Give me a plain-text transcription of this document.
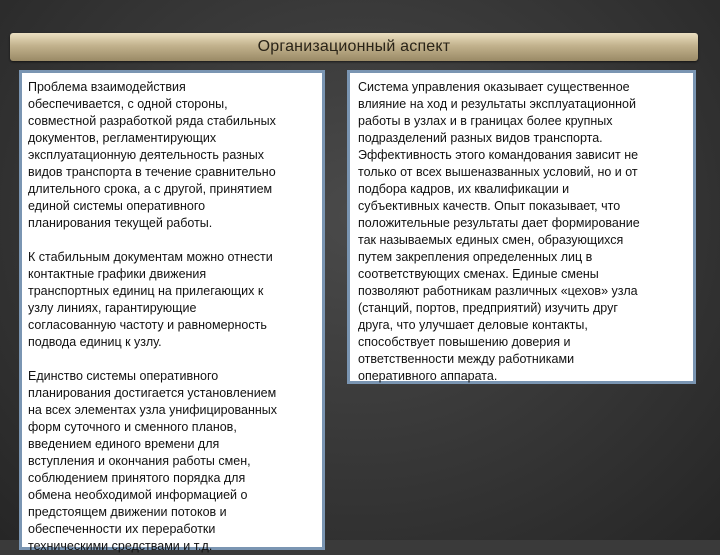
Организационный аспект

Проблема взаимодействия
обеспечивается, с одной стороны,
совместной разработкой ряда стабильных
документов, регламентирующих
эксплуатационную деятельность разных
видов транспорта в течение сравнительно
длительного срока, а с другой, принятием
единой системы оперативного
планирования текущей работы.

К стабильным документам можно отнести
контактные графики движения
транспортных единиц на прилегающих к
узлу линиях, гарантирующие
согласованную частоту и равномерность
подвода единиц к узлу.

Единство системы оперативного
планирования достигается установлением
на всех элементах узла унифицированных
форм суточного и сменного планов,
введением единого времени для
вступления и окончания работы смен,
соблюдением принятого порядка для
обмена необходимой информацией о
предстоящем движении потоков и
обеспеченности их переработки
техническими средствами и т.д.

Система управления оказывает существенное
влияние на ход и результаты эксплуатационной
работы в узлах и в границах более крупных
подразделений разных видов транспорта.
Эффективность этого командования зависит не
только от всех вышеназванных условий, но и от
подбора кадров, их квалификации и
субъективных качеств. Опыт показывает, что
положительные результаты дает формирование
так называемых единых смен, образующихся
путем закрепления определенных лиц в
соответствующих сменах. Единые смены
позволяют работникам различных «цехов» узла
(станций, портов, предприятий) изучить друг
друга, что улучшает деловые контакты,
способствует повышению доверия и
ответственности между работниками
оперативного аппарата.
